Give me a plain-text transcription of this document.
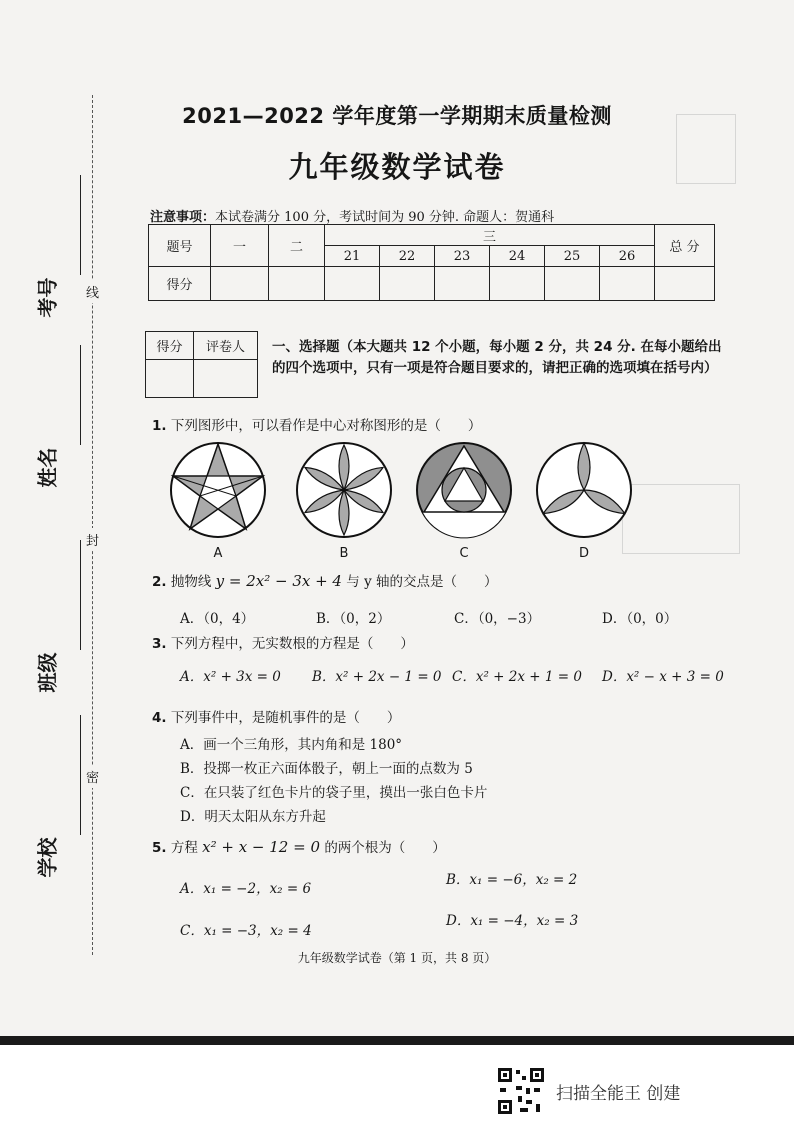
线
封
密
考号
姓名
班级
学校
2021—2022 学年度第一学期期末质量检测
九年级数学试卷
注意事项：本试卷满分 100 分，考试时间为 90 分钟. 命题人：贺通科
题号	一	二	三						总 分
			21	22	23	24	25	26	
得分									
得分	评卷人
	一、选择题（本大题共 12 个小题，每小题 2 分，共 24 分. 在每小题给出的四个选项中，只有一项是符合题目要求的，请把正确的选项填在括号内）
1. 下列图形中，可以看作是中心对称图形的是（　　）
A	B	C	D
2. 抛物线 y = 2x² − 3x + 4 与 y 轴的交点是（　　）
A．（0，4）	B．（0，2）	C．（0，−3）	D．（0，0）
3. 下列方程中，无实数根的方程是（　　）
A．x² + 3x = 0 B．x² + 2x − 1 = 0 C．x² + 2x + 1 = 0 D．x² − x + 3 = 0
4. 下列事件中，是随机事件的是（　　）
A．画一个三角形，其内角和是 180°
B．投掷一枚正六面体骰子，朝上一面的点数为 5
C．在只装了红色卡片的袋子里，摸出一张白色卡片
D．明天太阳从东方升起
5. 方程 x² + x − 12 = 0 的两个根为（　　）
A．x₁ = −2，x₂ = 6
B．x₁ = −6，x₂ = 2
D．x₁ = −4，x₂ = 3
C．x₁ = −3，x₂ = 4
九年级数学试卷（第 1 页，共 8 页）
扫描全能王 创建
